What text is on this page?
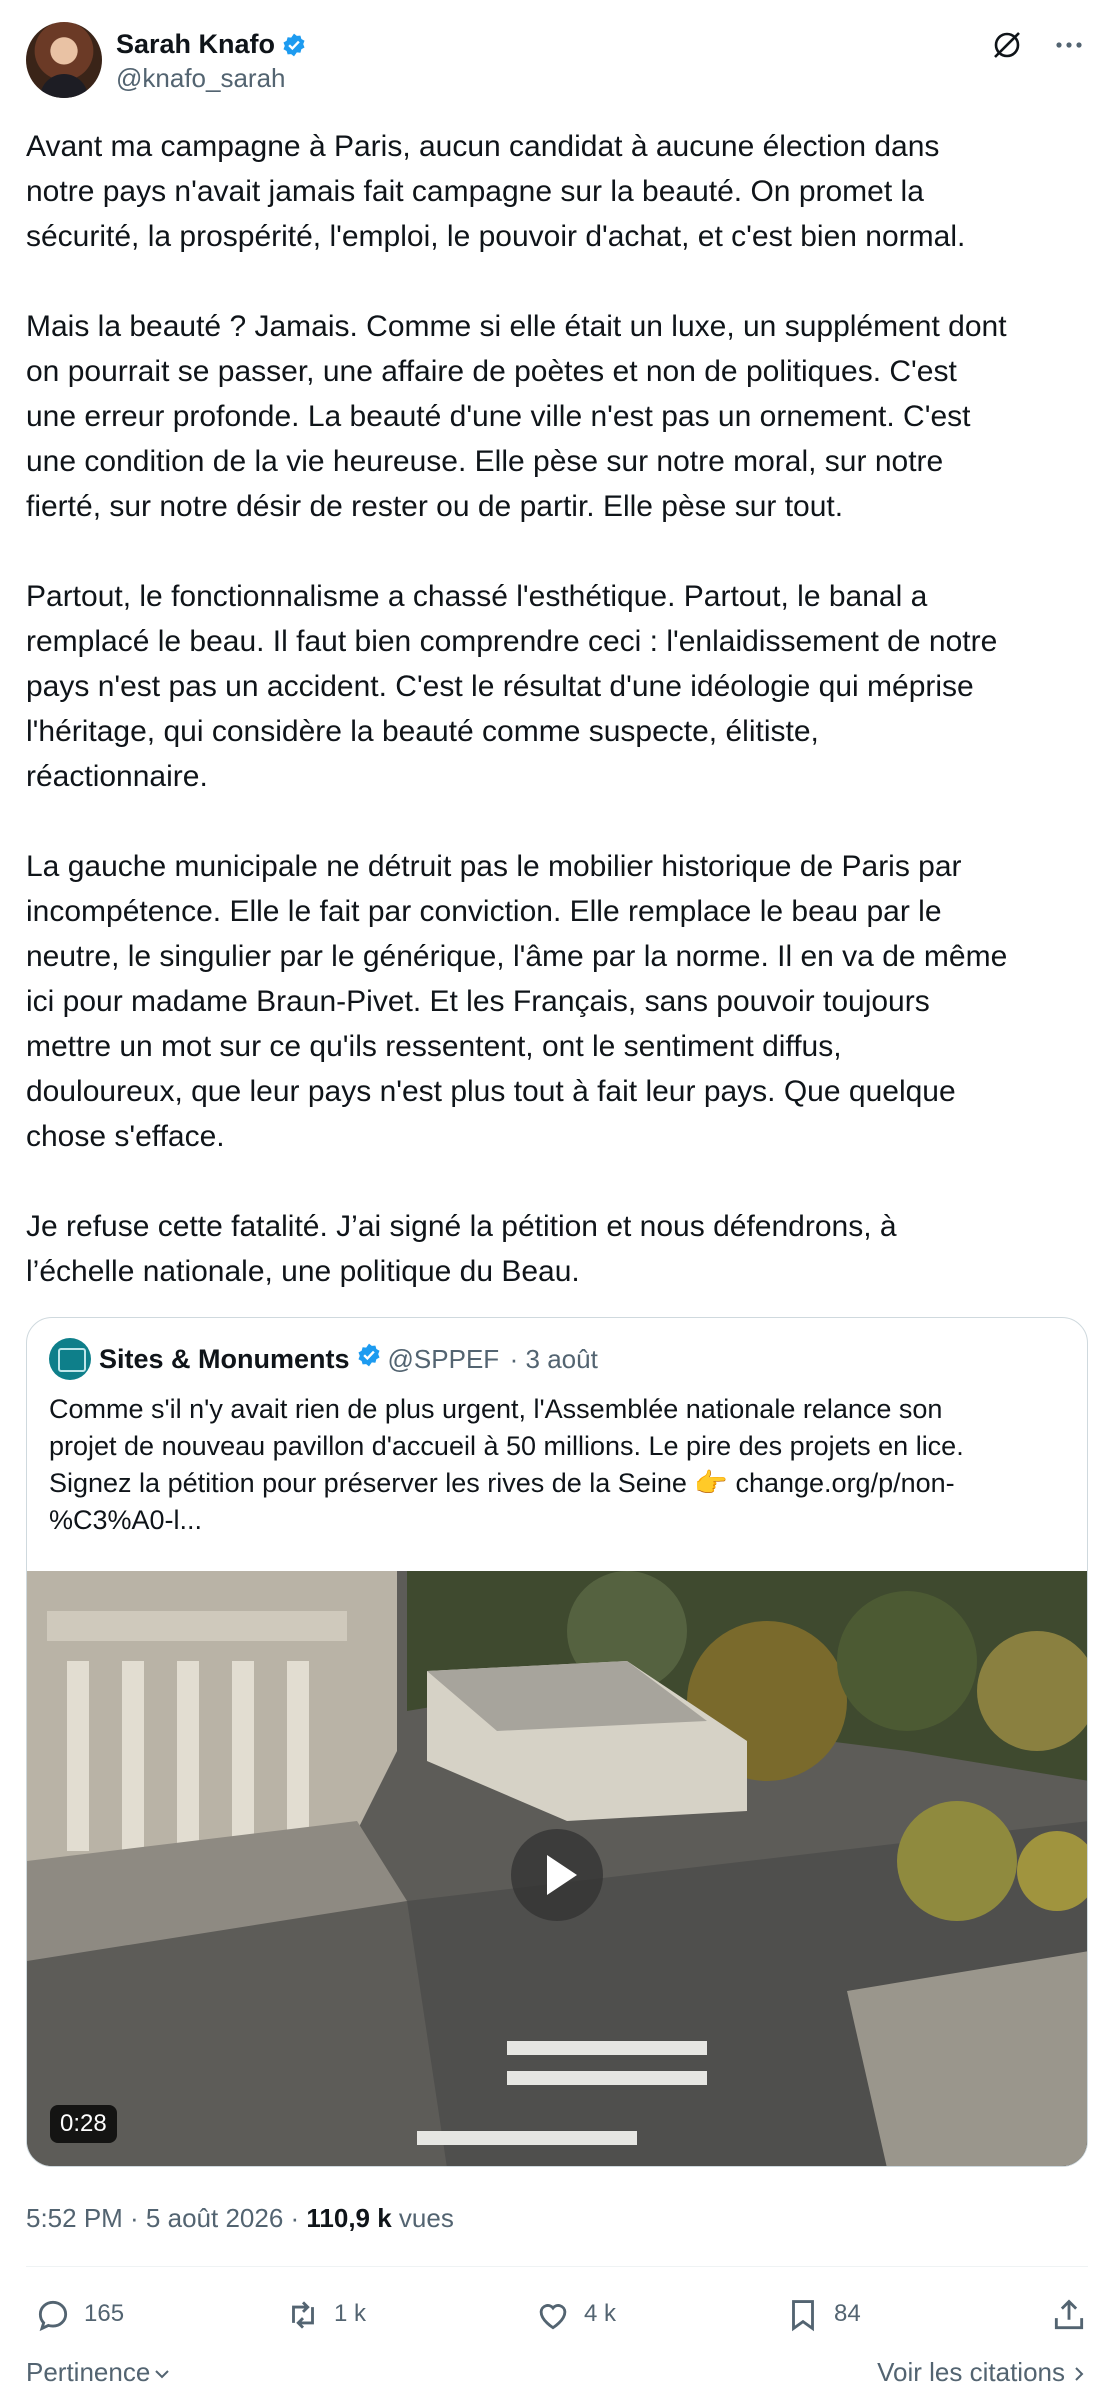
Sarah Knafo
@knafo_sarah
Avant ma campagne à Paris, aucun candidat à aucune élection dans
notre pays n'avait jamais fait campagne sur la beauté. On promet la
sécurité, la prospérité, l'emploi, le pouvoir d'achat, et c'est bien normal.

Mais la beauté ? Jamais. Comme si elle était un luxe, un supplément dont
on pourrait se passer, une affaire de poètes et non de politiques. C'est
une erreur profonde. La beauté d'une ville n'est pas un ornement. C'est
une condition de la vie heureuse. Elle pèse sur notre moral, sur notre
fierté, sur notre désir de rester ou de partir. Elle pèse sur tout.

Partout, le fonctionnalisme a chassé l'esthétique. Partout, le banal a
remplacé le beau. Il faut bien comprendre ceci : l'enlaidissement de notre
pays n'est pas un accident. C'est le résultat d'une idéologie qui méprise
l'héritage, qui considère la beauté comme suspecte, élitiste,
réactionnaire.

La gauche municipale ne détruit pas le mobilier historique de Paris par
incompétence. Elle le fait par conviction. Elle remplace le beau par le
neutre, le singulier par le générique, l'âme par la norme. Il en va de même
ici pour madame Braun-Pivet. Et les Français, sans pouvoir toujours
mettre un mot sur ce qu'ils ressentent, ont le sentiment diffus,
douloureux, que leur pays n'est plus tout à fait leur pays. Que quelque
chose s'efface.

Je refuse cette fatalité. J’ai signé la pétition et nous défendrons, à
l’échelle nationale, une politique du Beau.
Sites & Monuments @SPPEF · 3 août
Comme s'il n'y avait rien de plus urgent, l'Assemblée nationale relance son
projet de nouveau pavillon d'accueil à 50 millions. Le pire des projets en lice.
Signez la pétition pour préserver les rives de la Seine 👉 change.org/p/non-
%C3%A0-l...
0:28
5:52 PM · 5 août 2026 · 110,9 k vues
165	1 k	4 k	84
Pertinence	Voir les citations
